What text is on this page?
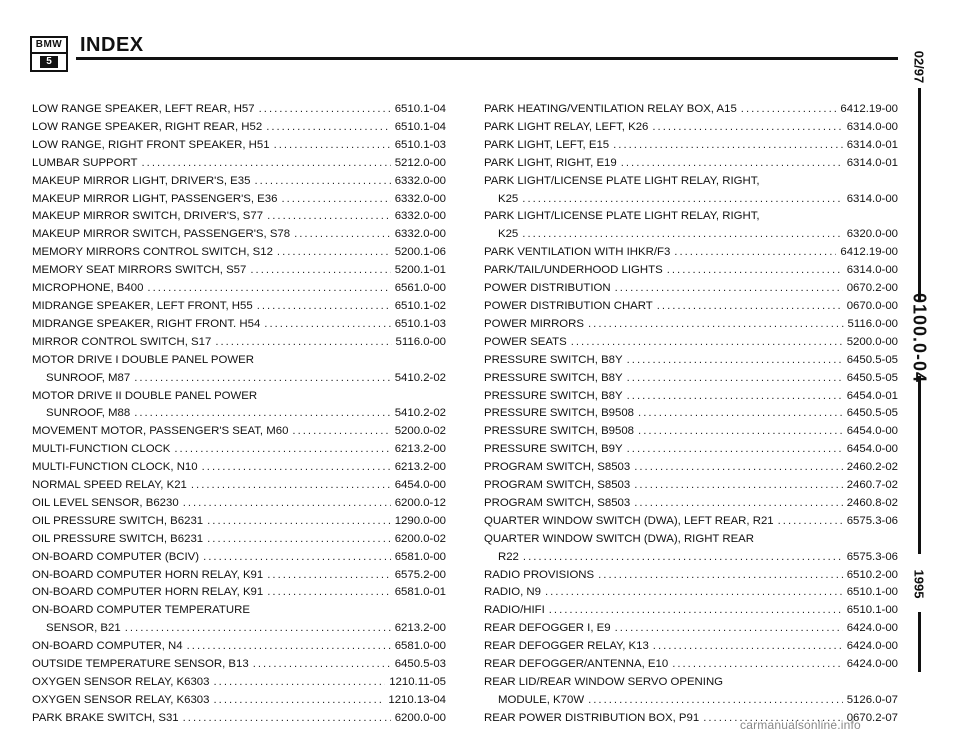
BMW
5
INDEX
LOW RANGE SPEAKER, LEFT REAR, H57 .....	6510.1-04
LOW RANGE SPEAKER, RIGHT REAR, H52 .....	6510.1-04
LOW RANGE, RIGHT FRONT SPEAKER, H51 .....	6510.1-03
LUMBAR SUPPORT .....	5212.0-00
MAKEUP MIRROR LIGHT, DRIVER'S, E35 .....	6332.0-00
MAKEUP MIRROR LIGHT, PASSENGER'S, E36 .....	6332.0-00
MAKEUP MIRROR SWITCH, DRIVER'S, S77 .....	6332.0-00
MAKEUP MIRROR SWITCH, PASSENGER'S, S78 .....	6332.0-00
MEMORY MIRRORS CONTROL SWITCH, S12 .....	5200.1-06
MEMORY SEAT MIRRORS SWITCH, S57 .....	5200.1-01
MICROPHONE, B400 .....	6561.0-00
MIDRANGE SPEAKER, LEFT FRONT, H55 .....	6510.1-02
MIDRANGE SPEAKER, RIGHT FRONT. H54 .....	6510.1-03
MIRROR CONTROL SWITCH, S17 .....	5116.0-00
MOTOR DRIVE I DOUBLE PANEL POWER
SUNROOF, M87 .....	5410.2-02
MOTOR DRIVE II DOUBLE PANEL POWER
SUNROOF, M88 .....	5410.2-02
MOVEMENT MOTOR, PASSENGER'S SEAT, M60 .....	5200.0-02
MULTI-FUNCTION CLOCK .....	6213.2-00
MULTI-FUNCTION CLOCK, N10 .....	6213.2-00
NORMAL SPEED RELAY, K21 .....	6454.0-00
OIL LEVEL SENSOR, B6230 .....	6200.0-12
OIL PRESSURE SWITCH, B6231 .....	1290.0-00
OIL PRESSURE SWITCH, B6231 .....	6200.0-02
ON-BOARD COMPUTER (BCIV) .....	6581.0-00
ON-BOARD COMPUTER HORN RELAY, K91 .....	6575.2-00
ON-BOARD COMPUTER HORN RELAY, K91 .....	6581.0-01
ON-BOARD COMPUTER TEMPERATURE
SENSOR, B21 .....	6213.2-00
ON-BOARD COMPUTER, N4 .....	6581.0-00
OUTSIDE TEMPERATURE SENSOR, B13 .....	6450.5-03
OXYGEN SENSOR RELAY, K6303 .....	1210.11-05
OXYGEN SENSOR RELAY, K6303 .....	1210.13-04
PARK BRAKE SWITCH, S31 .....	6200.0-00
PARK HEATING/VENTILATION RELAY BOX, A15 .....	6412.19-00
PARK LIGHT RELAY, LEFT, K26 .....	6314.0-00
PARK LIGHT, LEFT, E15 .....	6314.0-01
PARK LIGHT, RIGHT, E19 .....	6314.0-01
PARK LIGHT/LICENSE PLATE LIGHT RELAY, RIGHT,
K25 .....	6314.0-00
PARK LIGHT/LICENSE PLATE LIGHT RELAY, RIGHT,
K25 .....	6320.0-00
PARK VENTILATION WITH IHKR/F3 .....	6412.19-00
PARK/TAIL/UNDERHOOD LIGHTS .....	6314.0-00
POWER DISTRIBUTION .....	0670.2-00
POWER DISTRIBUTION CHART .....	0670.0-00
POWER MIRRORS .....	5116.0-00
POWER SEATS .....	5200.0-00
PRESSURE SWITCH, B8Y .....	6450.5-05
PRESSURE SWITCH, B8Y .....	6450.5-05
PRESSURE SWITCH, B8Y .....	6454.0-01
PRESSURE SWITCH, B9508 .....	6450.5-05
PRESSURE SWITCH, B9508 .....	6454.0-00
PRESSURE SWITCH, B9Y .....	6454.0-00
PROGRAM SWITCH, S8503 .....	2460.2-02
PROGRAM SWITCH, S8503 .....	2460.7-02
PROGRAM SWITCH, S8503 .....	2460.8-02
QUARTER WINDOW SWITCH (DWA), LEFT REAR, R21 .....	6575.3-06
QUARTER WINDOW SWITCH (DWA), RIGHT REAR
R22 .....	6575.3-06
RADIO PROVISIONS .....	6510.2-00
RADIO, N9 .....	6510.1-00
RADIO/HIFI .....	6510.1-00
REAR DEFOGGER I, E9 .....	6424.0-00
REAR DEFOGGER RELAY, K13 .....	6424.0-00
REAR DEFOGGER/ANTENNA, E10 .....	6424.0-00
REAR LID/REAR WINDOW SERVO OPENING
MODULE, K70W .....	5126.0-07
REAR POWER DISTRIBUTION BOX, P91 .....	0670.2-07
02/97
0100.0-04
1995
carmanualsonline.info
